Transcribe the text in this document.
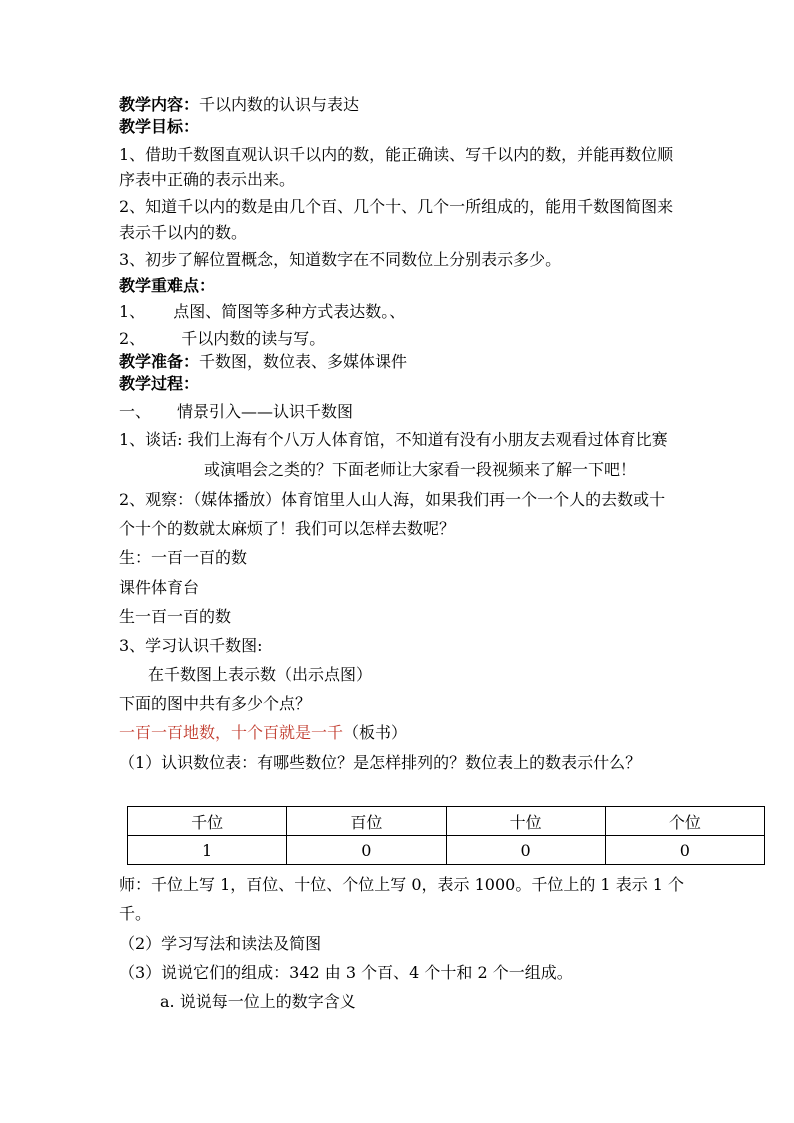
教学内容：千以内数的认识与表达
教学目标：
1、借助千数图直观认识千以内的数，能正确读、写千以内的数，并能再数位顺
序表中正确的表示出来。
2、知道千以内的数是由几个百、几个十、几个一所组成的，能用千数图简图来
表示千以内的数。
3、初步了解位置概念，知道数字在不同数位上分别表示多少。
教学重难点：
1、 点图、简图等多种方式表达数。、
2、 千以内数的读与写。
教学准备：千数图，数位表、多媒体课件
教学过程：
一、 情景引入——认识千数图
1、谈话: 我们上海有个八万人体育馆，不知道有没有小朋友去观看过体育比赛
或演唱会之类的？下面老师让大家看一段视频来了解一下吧！
2、观察：（媒体播放）体育馆里人山人海，如果我们再一个一个人的去数或十
个十个的数就太麻烦了！我们可以怎样去数呢？
生：一百一百的数
课件体育台
生一百一百的数
3、学习认识千数图:
在千数图上表示数（出示点图）
下面的图中共有多少个点？
一百一百地数，十个百就是一千（板书）
（1）认识数位表：有哪些数位？是怎样排列的？数位表上的数表示什么？
千位	百位	十位	个位
1	0	0	0
师：千位上写 1，百位、十位、个位上写 0，表示 1000。千位上的 1 表示 1 个
千。
（2）学习写法和读法及简图
（3）说说它们的组成：342 由 3 个百、4 个十和 2 个一组成。
a. 说说每一位上的数字含义
